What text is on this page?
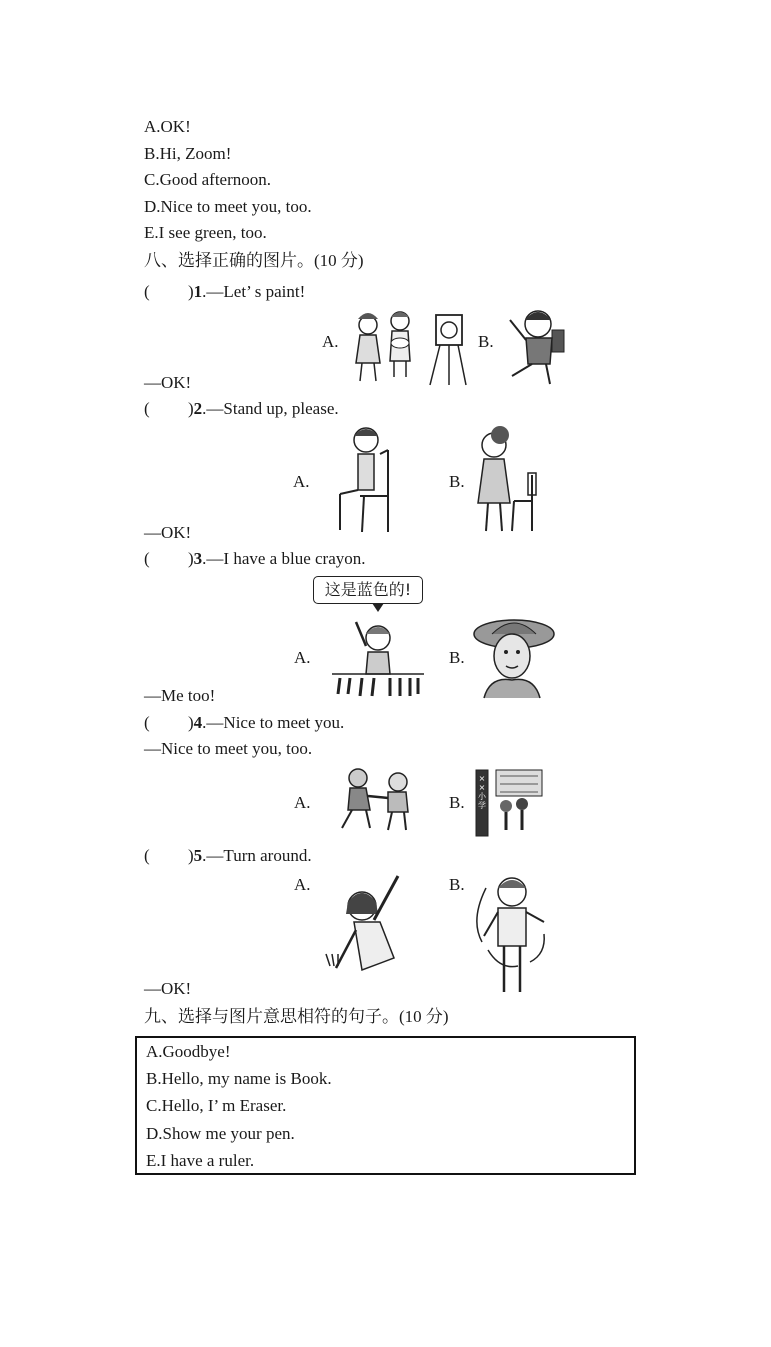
A.OK!
B.Hi, Zoom!
C.Good afternoon.
D.Nice to meet you, too.
E.I see green, too.
八、选择正确的图片。(10 分)
( )1.—Let’ s paint!
A.	B.
—OK!
( )2.—Stand up, please.
A.	B.
—OK!
( )3.—I have a blue crayon.
这是蓝色的!
A.	B.
—Me too!
( )4.—Nice to meet you.
—Nice to meet you, too.
A.	B.
××小学
( )5.—Turn around.
A.	B.
—OK!
九、选择与图片意思相符的句子。(10 分)
A.Goodbye!
B.Hello, my name is Book.
C.Hello, I’ m Eraser.
D.Show me your pen.
E.I have a ruler.
